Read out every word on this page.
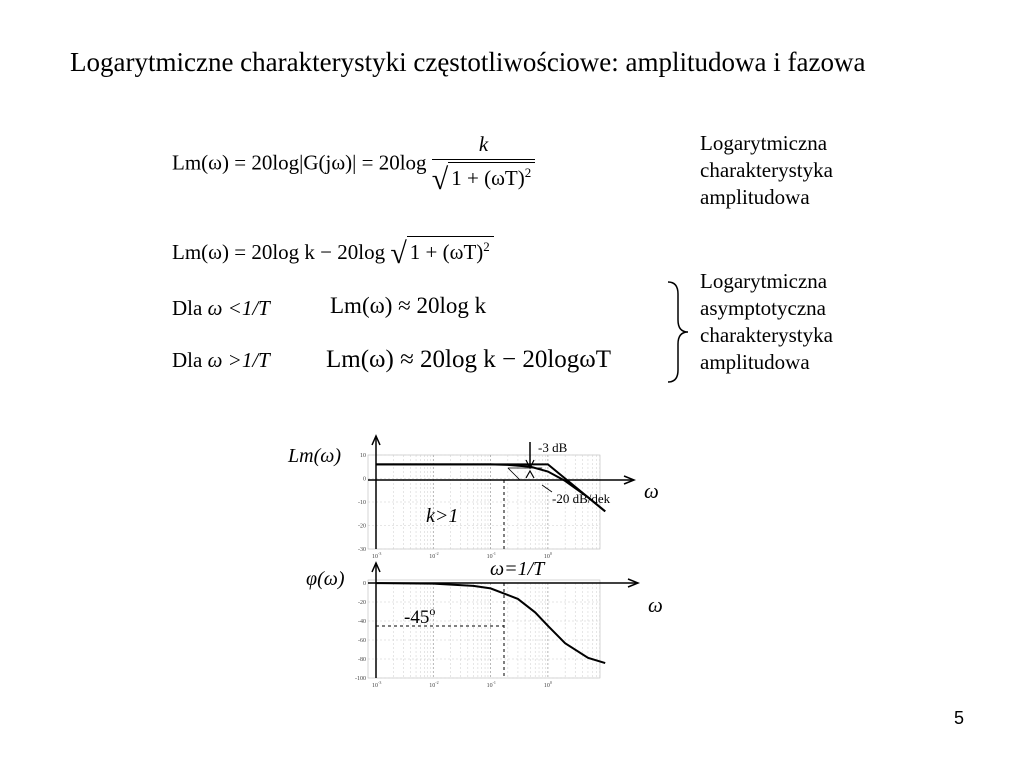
Logarytmiczne charakterystyki częstotliwościowe: amplitudowa i fazowa
$Lm(\omega) = 20\log|G(j\omega)| = 20\log \frac{k}{√ 1 + (\omega T)^2}$
Lm(ω) = 20log k − 20log √ $1 + (\omega T)^2$
Dla ω <1/T	Lm(ω) ≈ 20log k
Dla ω >1/T Lm(ω) ≈ 20log k − 20logωT
Logarytmiczna
charakterystyka
amplitudowa
Logarytmiczna
asymptotyczna
charakterystyka
amplitudowa
-3 dB
-20 dB/dek
k>1
Lm(ω)
ω
10
0
-10
-20
-30
$10^{-3}$
$10^{-2}$
$10^{-1}$
$10^0$
ω=1/T
-45$^o$
φ(ω)
ω
0
-20
-40
-60
-80
-100
$10^{-3}$
$10^{-2}$
$10^{-1}$
$10^0$
5
